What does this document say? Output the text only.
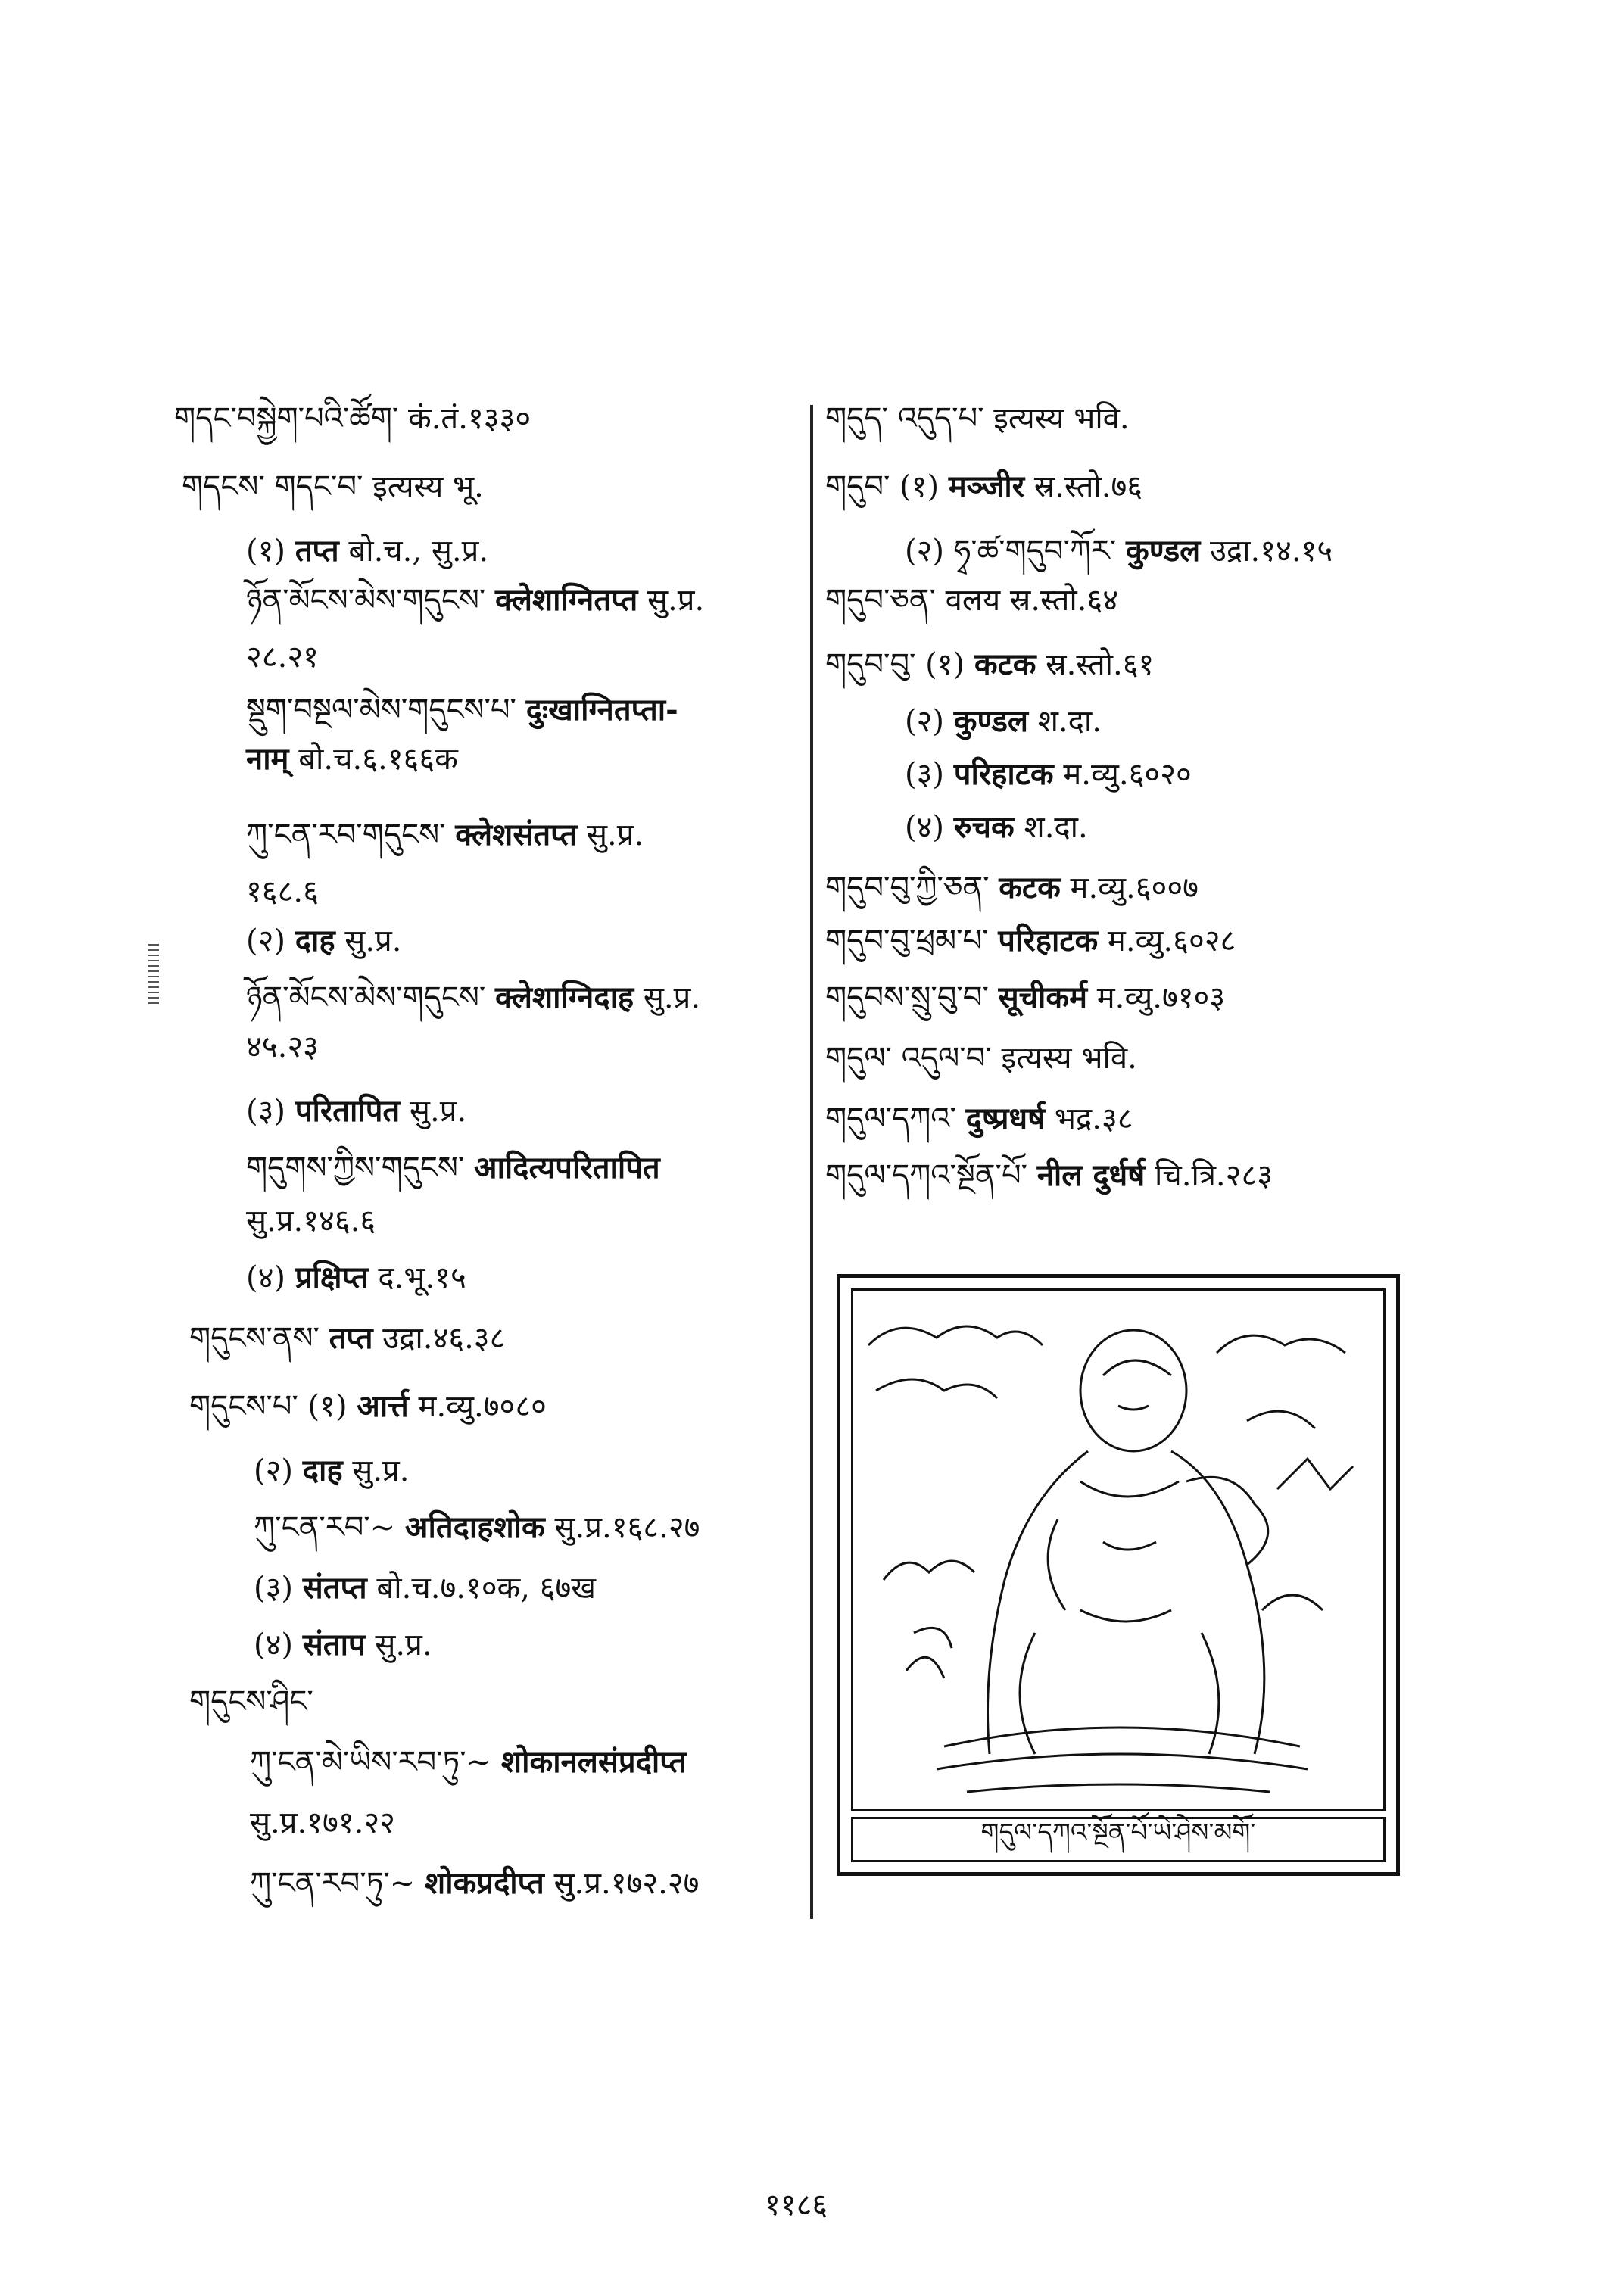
གདང་བསྐྱེག་པའི་ཚོག་ कं.तं.१३३०
གདངས་ གདང་བ་ इत्यस्य भू.
(१) तप्त बो.च., सु.प्र.
ཉོན་མོངས་མེས་གདུངས་ क्लेशाग्नितप्त सु.प्र.
२८.२१
སྡུག་བསྔལ་མེས་གདུངས་པ་ दुःखाग्नितप्ता-
नाम् बो.च.६.१६६क
ཀུ་ངན་རབ་གདུངས་ क्लेशसंतप्त सु.प्र.
१६८.६
(२) दाह सु.प्र.
ཉོན་མོངས་མེས་གདུངས་ क्लेशाग्निदाह सु.प्र.
४५.२३
(३) परितापित सु.प्र.
གདུགས་ཀྱིས་གདུངས་ आदित्यपरितापित
सु.प्र.१४६.६
(४) प्रक्षिप्त द.भू.१५
གདུངས་ནས་ तप्त उद्रा.४६.३८
གདུངས་པ་ (१) आर्त्त म.व्यु.७०८०
(२) दाह सु.प्र.
ཀུ་ངན་རབ་~ अतिदाहशोक सु.प्र.१६८.२७
(३) संतप्त बो.च.७.१०क, ६७ख
(४) संताप सु.प्र.
གདུངས་ཤིང་
ཀུ་ངན་མེ་ཡིས་རབ་ཏུ་~ शोकानलसंप्रदीप्त
सु.प्र.१७१.२२
ཀུ་ངན་རབ་ཏུ་~ शोकप्रदीप्त सु.प्र.१७२.२७
གདུད་ འདུད་པ་ इत्यस्य भवि.
གདུབ་ (१) मञ्जीर स्र.स्तो.७६
(२) ཧྭ་ཚ་གདུབ་ཀོར་ कुण्डल उद्रा.१४.१५
གདུབ་ཅན་ वलय स्र.स्तो.६४
གདུབ་བུ་ (१) कटक स्र.स्तो.६१
(२) कुण्डल श.दा.
(३) परिहाटक म.व्यु.६०२०
(४) रुचक श.दा.
གདུབ་བུ་ཀྱི་ཅན་ कटक म.व्यु.६००७
གདུབ་བུ་ཕྲམ་པ་ परिहाटक म.व्यु.६०२८
གདུབས་སྲུ་བུ་བ་ सूचीकर्म म.व्यु.७१०३
གདུལ་ འདུལ་བ་ इत्यस्य भवि.
གདུལ་དཀའ་ दुष्प्रधर्ष भद्र.३८
གདུལ་དཀའ་སྔོན་པོ་ नील दुर्धर्ष चि.त्रि.२८३
གདུལ་དཀའ་སྔོན་པོ་ཡེ་ཤེས་མགོ་
११८६
